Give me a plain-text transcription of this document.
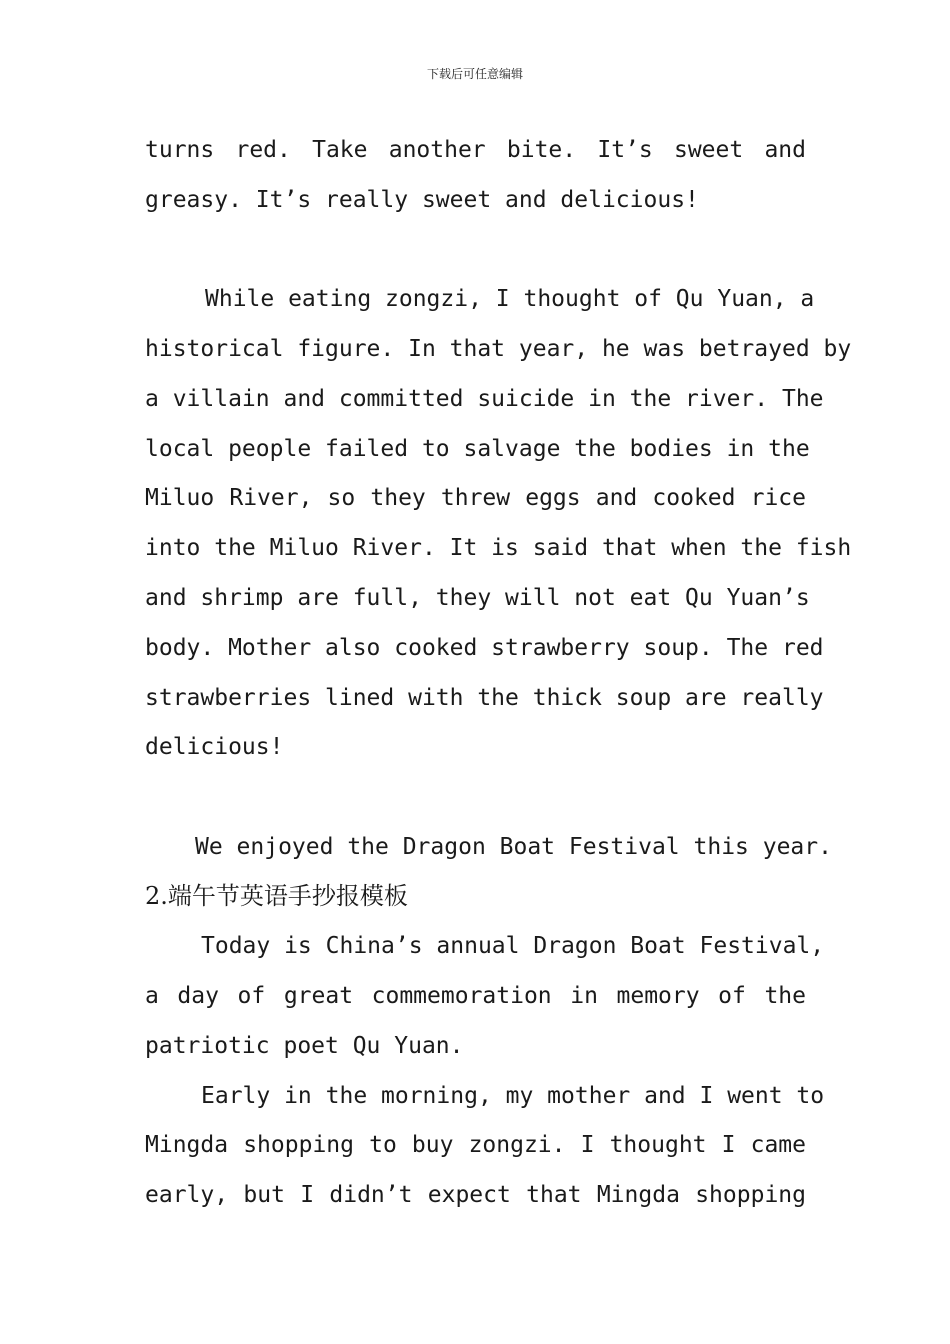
下载后可任意编辑
turns red. Take another bite. It’s sweet and
greasy. It’s really sweet and delicious!
While eating zongzi, I thought of Qu Yuan, a
historical figure. In that year, he was betrayed by
a villain and committed suicide in the river. The
local people failed to salvage the bodies in the
Miluo River, so they threw eggs and cooked rice
into the Miluo River. It is said that when the fish
and shrimp are full, they will not eat Qu Yuan’s
body. Mother also cooked strawberry soup. The red
strawberries lined with the thick soup are really
delicious!
We enjoyed the Dragon Boat Festival this year.
2.端午节英语手抄报模板
Today is China’s annual Dragon Boat Festival,
a day of great commemoration in memory of the
patriotic poet Qu Yuan.
Early in the morning, my mother and I went to
Mingda shopping to buy zongzi. I thought I came
early, but I didn’t expect that Mingda shopping
